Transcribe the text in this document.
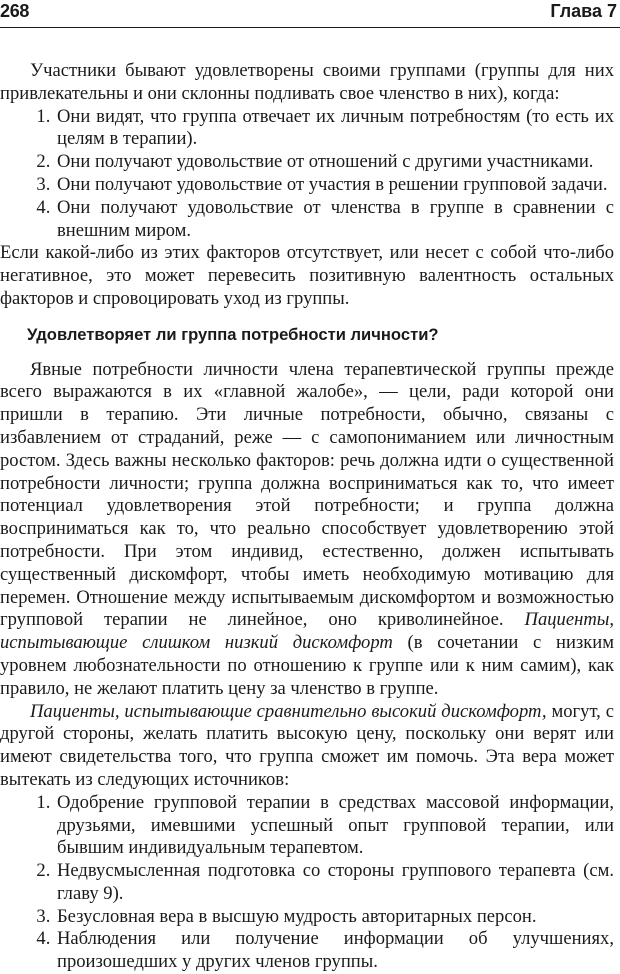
268	Глава 7

Участники бывают удовлетворены своими группами (группы для них привлекательны и они склонны подливать свое членство в них), когда:

1. Они видят, что группа отвечает их личным потребностям (то есть их целям в терапии).
2. Они получают удовольствие от отношений с другими участниками.
3. Они получают удовольствие от участия в решении групповой задачи.
4. Они получают удовольствие от членства в группе в сравнении с внешним миром.

Если какой-либо из этих факторов отсутствует, или несет с собой что-либо негативное, это может перевесить позитивную валентность остальных факторов и спровоцировать уход из группы.

Удовлетворяет ли группа потребности личности?

Явные потребности личности члена терапевтической группы прежде всего выражаются в их «главной жалобе», — цели, ради которой они пришли в терапию. Эти личные потребности, обычно, связаны с избавлением от страданий, реже — с самопониманием или личностным ростом. Здесь важны несколько факторов: речь должна идти о существенной потребности личности; группа должна восприниматься как то, что имеет потенциал удовлетворения этой потребности; и группа должна восприниматься как то, что реально способствует удовлетворению этой потребности. При этом индивид, естественно, должен испытывать существенный дискомфорт, чтобы иметь необходимую мотивацию для перемен. Отношение между испытываемым дискомфортом и возможностью групповой терапии не линейное, оно криволинейное. Пациенты, испытывающие слишком низкий дискомфорт (в сочетании с низким уровнем любознательности по отношению к группе или к ним самим), как правило, не желают платить цену за членство в группе.

Пациенты, испытывающие сравнительно высокий дискомфорт, могут, с другой стороны, желать платить высокую цену, поскольку они верят или имеют свидетельства того, что группа сможет им помочь. Эта вера может вытекать из следующих источников:

1. Одобрение групповой терапии в средствах массовой информации, друзьями, имевшими успешный опыт групповой терапии, или бывшим индивидуальным терапевтом.
2. Недвусмысленная подготовка со стороны группового терапевта (см. главу 9).
3. Безусловная вера в высшую мудрость авторитарных персон.
4. Наблюдения или получение информации об улучшениях, произошедших у других членов группы.
